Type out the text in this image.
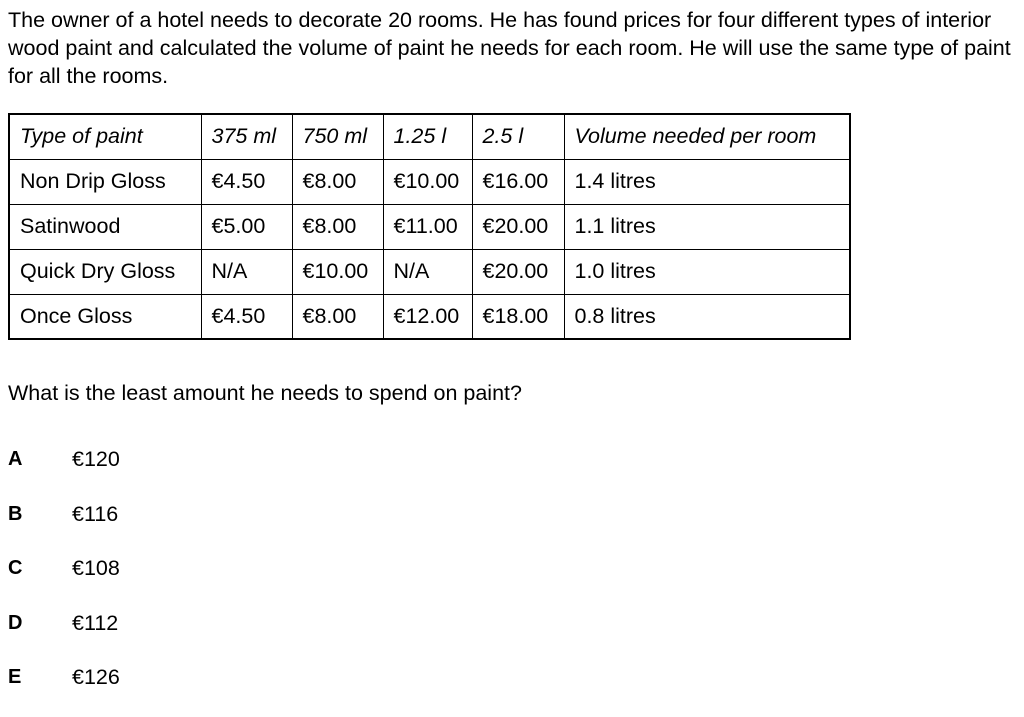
The owner of a hotel needs to decorate 20 rooms. He has found prices for four different types of interior wood paint and calculated the volume of paint he needs for each room. He will use the same type of paint for all the rooms.

Type of paint	375 ml	750 ml	1.25 l	2.5 l	Volume needed per room
Non Drip Gloss	€4.50	€8.00	€10.00	€16.00	1.4 litres
Satinwood	€5.00	€8.00	€11.00	€20.00	1.1 litres
Quick Dry Gloss	N/A	€10.00	N/A	€20.00	1.0 litres
Once Gloss	€4.50	€8.00	€12.00	€18.00	0.8 litres

What is the least amount he needs to spend on paint?

A	€120
B	€116
C	€108
D	€112
E	€126
